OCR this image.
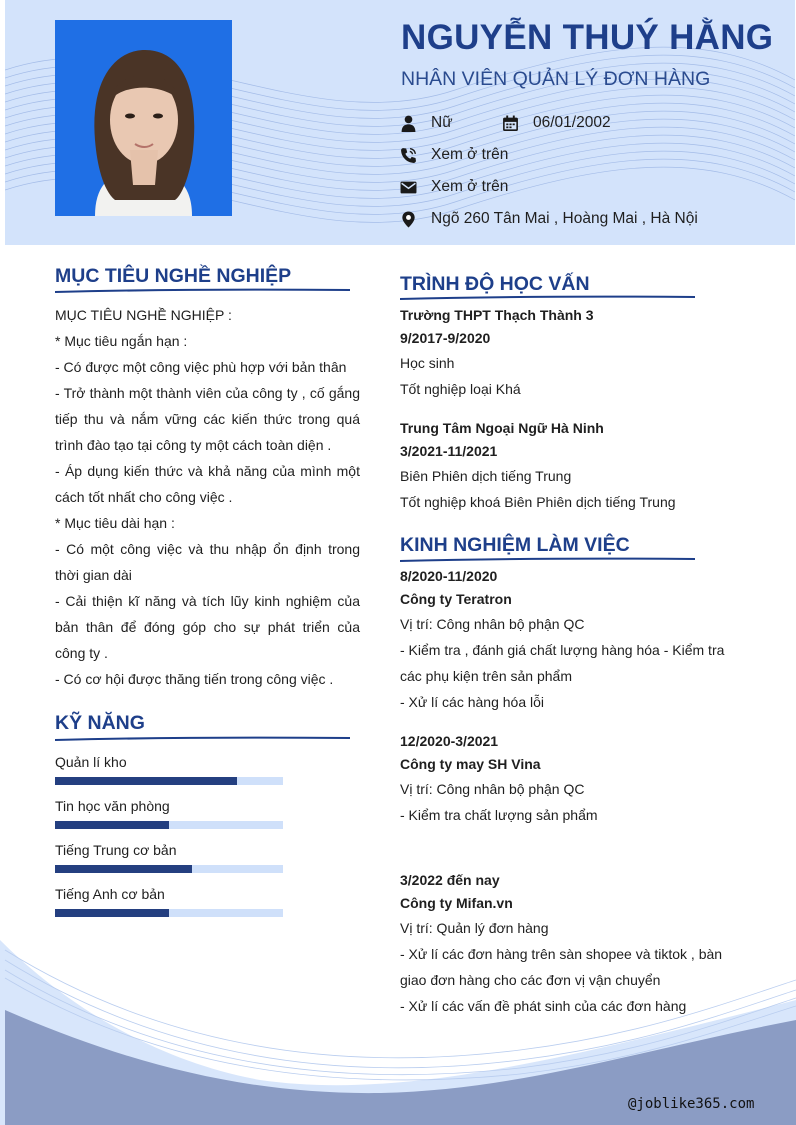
NGUYỄN THUÝ HẰNG
NHÂN VIÊN QUẢN LÝ ĐƠN HÀNG
Nữ	06/01/2002
Xem ở trên
Xem ở trên
Ngõ 260 Tân Mai , Hoàng Mai , Hà Nội
MỤC TIÊU NGHỀ NGHIỆP

MỤC TIÊU NGHỀ NGHIỆP :

* Mục tiêu ngắn hạn :

- Có được một công việc phù hợp với bản thân

- Trở thành một thành viên của công ty , cố gắng tiếp thu và nắm vững các kiến thức trong quá trình đào tạo tại công ty một cách toàn diện .

- Áp dụng kiến thức và khả năng của mình một cách tốt nhất cho công việc .

* Mục tiêu dài hạn :

- Có một công việc và thu nhập ổn định trong thời gian dài

- Cải thiện kĩ năng và tích lũy kinh nghiệm của bản thân để đóng góp cho sự phát triển của công ty .

- Có cơ hội được thăng tiến trong công việc .

KỸ NĂNG
Quản lí kho
Tin học văn phòng
Tiếng Trung cơ bản
Tiếng Anh cơ bản
TRÌNH ĐỘ HỌC VẤN
Trường THPT Thạch Thành 3
9/2017-9/2020
Học sinh
Tốt nghiệp loại Khá
Trung Tâm Ngoại Ngữ Hà Ninh
3/2021-11/2021
Biên Phiên dịch tiếng Trung
Tốt nghiệp khoá Biên Phiên dịch tiếng Trung
KINH NGHIỆM LÀM VIỆC
8/2020-11/2020
Công ty Teratron
Vị trí: Công nhân bộ phận QC
- Kiểm tra , đánh giá chất lượng hàng hóa - Kiểm tra các phụ kiện trên sản phẩm
- Xử lí các hàng hóa lỗi
12/2020-3/2021
Công ty may SH Vina
Vị trí: Công nhân bộ phận QC
- Kiểm tra chất lượng sản phẩm
3/2022 đến nay
Công ty Mifan.vn
Vị trí: Quản lý đơn hàng
- Xử lí các đơn hàng trên sàn shopee và tiktok , bàn giao đơn hàng cho các đơn vị vận chuyển
- Xử lí các vấn đề phát sinh của các đơn hàng
@joblike365.com
